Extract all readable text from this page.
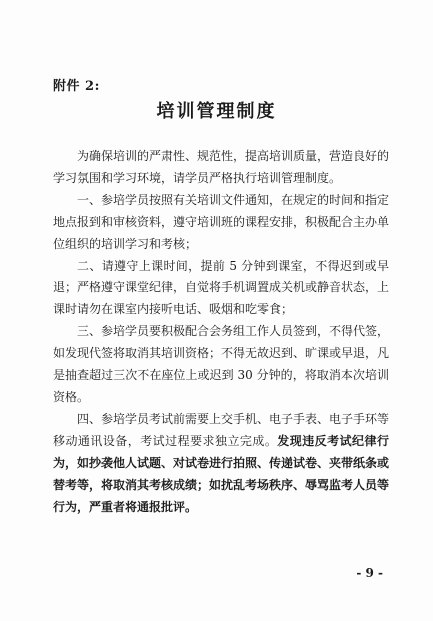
附件 2:
培训管理制度

为确保培训的严肃性、规范性，提高培训质量，营造良好的学习氛围和学习环境，请学员严格执行培训管理制度。

一、参培学员按照有关培训文件通知，在规定的时间和指定地点报到和审核资料，遵守培训班的课程安排，积极配合主办单位组织的培训学习和考核；

二、请遵守上课时间，提前 5 分钟到课室，不得迟到或早退；严格遵守课堂纪律，自觉将手机调置成关机或静音状态，上课时请勿在课室内接听电话、吸烟和吃零食；

三、参培学员要积极配合会务组工作人员签到，不得代签，如发现代签将取消其培训资格；不得无故迟到、旷课或早退，凡是抽查超过三次不在座位上或迟到 30 分钟的，将取消本次培训资格。

四、参培学员考试前需要上交手机、电子手表、电子手环等移动通讯设备，考试过程要求独立完成。发现违反考试纪律行为，如抄袭他人试题、对试卷进行拍照、传递试卷、夹带纸条或替考等，将取消其考核成绩；如扰乱考场秩序、辱骂监考人员等行为，严重者将通报批评。

- 9 -
